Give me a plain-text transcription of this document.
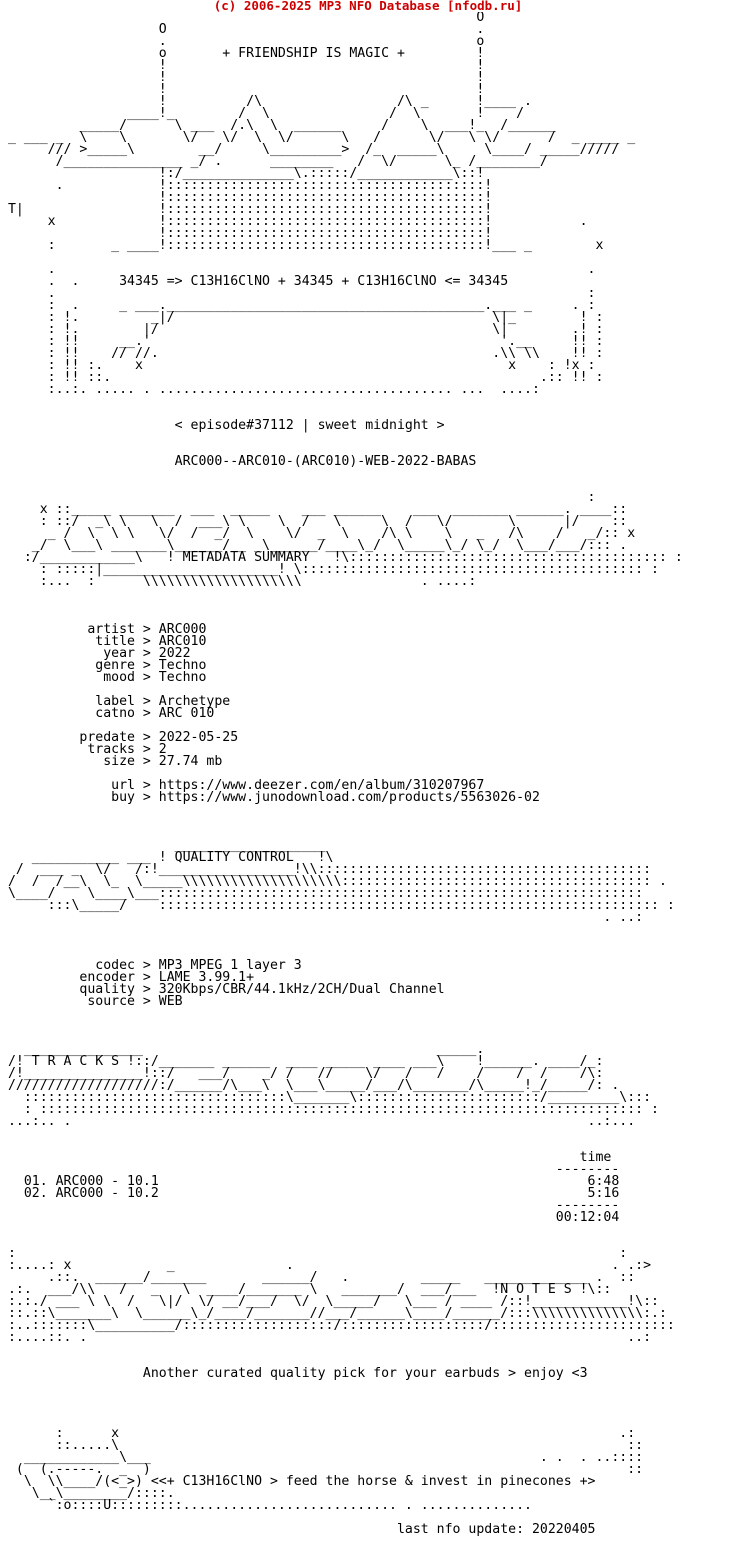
(c) 2006-2025 MP3 NFO Database [nfodb.ru]
O
O                                       .
.                                       o
o       + FRIENDSHIP IS MAGIC +         !
!                                       !
!                                       !
!                                       !
!          /\                 /\ _      !____ .
____!_        /  \               /  \       !    /
_____/      \ ___  /.\  \  ______     /    \  ___!_  /______
_ ___ _  \    \       \/   \/  \  \/      \   /      \/   \ \/      /  _ ____ _
/// >_____\        __/     \_________>  /_  _____\     \____/ _____/////
/_______________ _/ .      ________   /  \/      \_ /________/
!:/______________\.:::::/____________\::!
.            !::::::::::::::::::::::::::::::::::::::::!
!::::::::::::::::::::::::::::::::::::::::!
T|                 !::::::::::::::::::::::::::::::::::::::::!
x             !::::::::::::::::::::::::::::::::::::::::!           .
!::::::::::::::::::::::::::::::::::::::::!
:       _ ____!::::::::::::::::::::::::::::::::::::::::!___ _        x

.                                                                   .
.  .     34345 => C13H16ClNO + 34345 + C13H16ClNO <= 34345
.                                                                   :
:  .     _ ___.________________________________________.___ _     . :
: !.         _|/                                        \|_        ! :
: !.        |/                                          \|        .! :
: !!     __.'                                            '.__     !! :
: !!    // //.                                          .\\ \\    !! :
: !! :.    x                                              x    : !x :
: !! ::.                                                      .:: !! :
:..:. ..... . ..................................... ...  ....:

< episode#37112 | sweet midnight >

ARC000--ARC010-(ARC010)-WEB-2022-BABAS

:
x ::_____ _______  ___  _____    ___ ______    ___  _______ ______. ____::
: ::/  _\ \   \  /  ___\ \    \  /   \     \  /   \/       \      |/    ::
_ /  \  \ \   \/  /  _/  \    \/  _  \    /\ \    \   _   /\    /   _/:: x
_/  \___\ _______\______/__ _\______/____\_/  \_____\_/ \_/  \___/___/::: .
:/____________\   ! METADATA SUMMARY   !\:::::::::::::::::::::::::::::::::::::::: :
: :::::|______________________! \::::::::::::::::::::::::::::::::::::::::::: :
:...  :      \\\\\\\\\\\\\\\\\\\\               . ....:

artist > ARC000
title > ARC010
year > 2022
genre > Techno
mood > Techno

label > Archetype
catno > ARC 010

predate > 2022-05-25
tracks > 2
size > 27.74 mb

url > https://www.deezer.com/en/album/310207967
buy > https://www.junodownload.com/products/5563026-02

___________________
___________ ___ ! QUALITY CONTROL   !\
/  ___ _  \/   /:!_________________!\\::::::::::::::::::::::::::::::::::::::::::
/  /  /__\  \_  \_____\\\\\\\\\\\\\\\\\\\\::::::::::::::::::::::::::::::::::::::: .
\____/    \____\___:::::::::::::::::::::::::::::::::::::::::::::::::::::::::::::
:::\_____/    ::::::::::::::::::::::::::::::::::::::::::::::::::::::::::::::: :
. ..:

codec > MP3 MPEG 1 layer 3
encoder > LAME 3.99.1+
quality > 320Kbps/CBR/44.1kHz/2CH/Dual Channel
source > WEB

_______________                                     _____.
/! T R A C K S !::/_______ ______  ____ _____ ____ ___\    !______. ____/_:
/!_______________!::/   ___/    _/ /   //    \/   /   /    /    /  /    /\:
///////////////////:/______/\___\  \___\_____/___/\_______/\_____!_/_____/: .
:::::::::::::::::::::::::::::::::\_______\:::::::::::::::::::::::/_________\:::
: :::::::::::::::::::::::::::::::::::::::::::::::::::::::::::::::::::::::::::: :
...:.. .                                                                 ..:...

time
--------
01. ARC000 - 10.1                                                      6:48
02. ARC000 - 10.2                                                      5:16
--------
00:12:04

:                                                                            :
:....: x            _              .                                        . .:>
.::.  ______/_______       ______/   .         _____   _____________ .  ::
.:.  ___/\\   /   _   \  ____/_______ \   _______/  ___/___  !N O T E S !\::
:.:./ ___ \ \  /   \|/  \/ __/___/  \/  \_____/   \___ / ____ /::!____________!\::
::.::\_______\  \______\_/____/_______//___/______\____/______/:::\\\\\\\\\\\\\\:.:
:..:::::::\__________/:::::::::::::::::::/::::::::::::::::::/:::::::::::::::::::::::
:....::. .                                                                    ..:

Another curated quality pick for your earbuds > enjoy <3

:      x                                                               .:
::.....\                                                                ::
____________\___                                                 . .  . ..::::
(  (.-----.  _  )                                                            ::
\  \\____/(<_>) <<+ C13H16ClNO > feed the horse & invest in pinecones +>
\__\________/::::.
`:o::::U:::::::::........................... . ..............

last nfo update: 20220405
